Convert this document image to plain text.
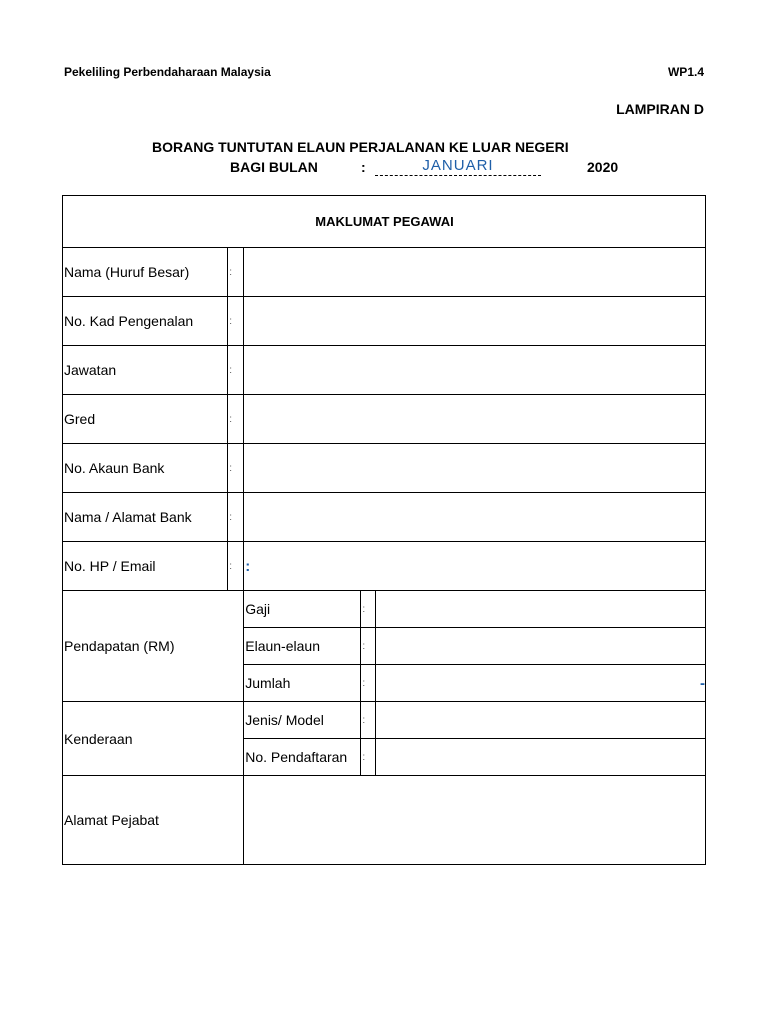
Pekeliling Perbendaharaan Malaysia	WP1.4
LAMPIRAN D
BORANG TUNTUTAN ELAUN PERJALANAN KE LUAR NEGERI
BAGI BULAN	:	JANUARI	2020
MAKLUMAT PEGAWAI				
Nama (Huruf Besar)	:			
No. Kad Pengenalan	:			
Jawatan	:			
Gred	:			
No. Akaun Bank	:			
Nama / Alamat Bank	:			
No. HP / Email	:	:		
Pendapatan (RM)		Gaji	:	
		Elaun-elaun	:	
		Jumlah	:	-
Kenderaan		Jenis/ Model	:	
		No. Pendaftaran	:	
Alamat Pejabat				
